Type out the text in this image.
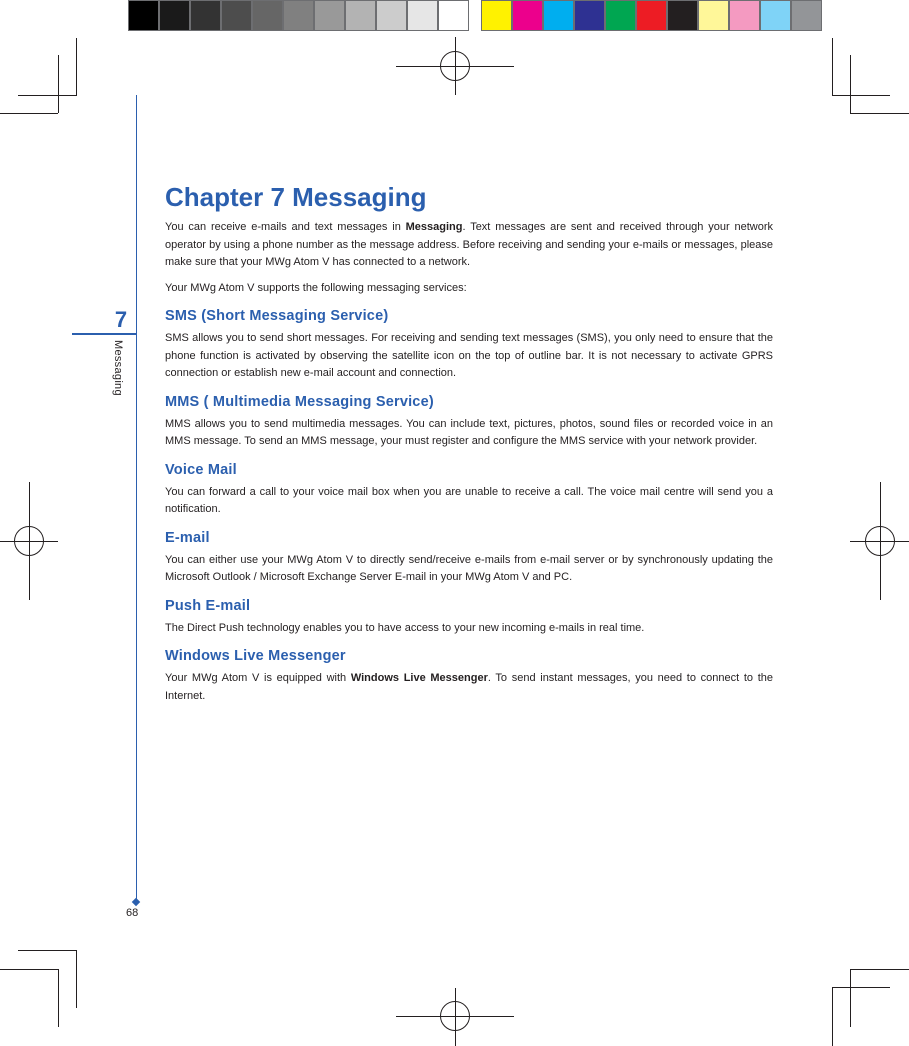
7
Messaging
68
Chapter 7 Messaging

You can receive e-mails and text messages in Messaging. Text messages are sent and received through your network operator by using a phone number as the message address. Before receiving and sending your e-mails or messages, please make sure that your MWg Atom V has connected to a network.

Your MWg Atom V supports the following messaging services:

SMS (Short Messaging Service)

SMS allows you to send short messages. For receiving and sending text messages (SMS), you only need to ensure that the phone function is activated by observing the satellite icon on the top of outline bar. It is not necessary to activate GPRS connection or establish new e-mail account and connection.

MMS ( Multimedia Messaging Service)

MMS allows you to send multimedia messages. You can include text, pictures, photos, sound files or recorded voice in an MMS message. To send an MMS message, your must register and configure the MMS service with your network provider.

Voice Mail

You can forward a call to your voice mail box when you are unable to receive a call. The voice mail centre will send you a notification.

E-mail

You can either use your MWg Atom V to directly send/receive e-mails from e-mail server or by synchronously updating the Microsoft Outlook / Microsoft Exchange Server E-mail in your MWg Atom V and PC.

Push E-mail

The Direct Push technology enables you to have access to your new incoming e-mails in real time.

Windows Live Messenger

Your MWg Atom V is equipped with Windows Live Messenger. To send instant messages, you need to connect to the Internet.
